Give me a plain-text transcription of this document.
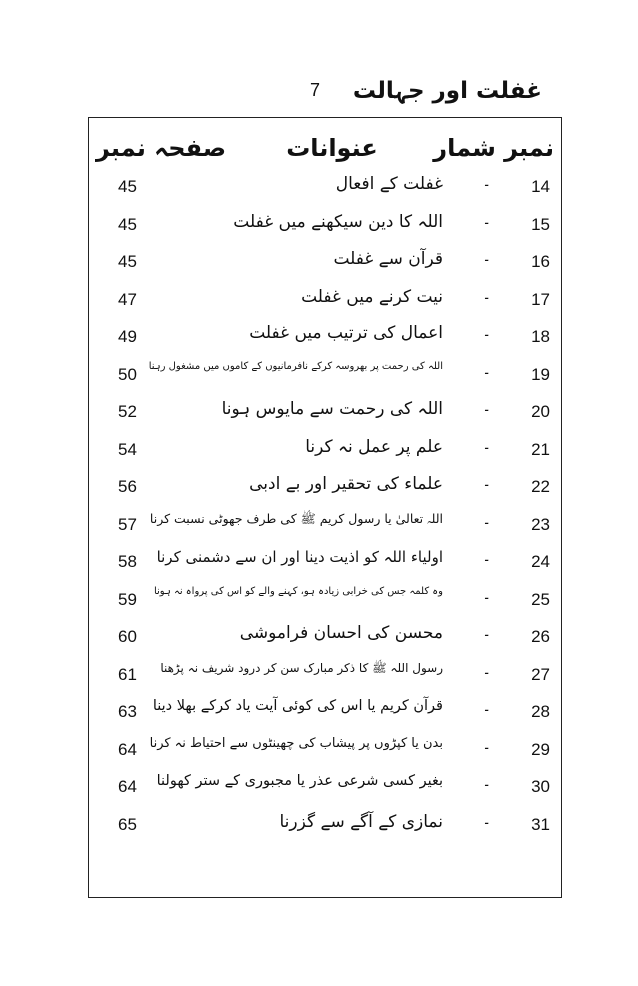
7	غفلت اور جہالت
نمبر شمار
عنوانات
صفحہ نمبر
14
۔
غفلت کے افعال
45
15
۔
اللہ کا دین سیکھنے میں غفلت
45
16
۔
قرآن سے غفلت
45
17
۔
نیت کرنے میں غفلت
47
18
۔
اعمال کی ترتیب میں غفلت
49
19
۔
اللہ کی رحمت پر بھروسہ کرکے نافرمانیوں کے کاموں میں مشغول رہنا
50
20
۔
اللہ کی رحمت سے مایوس ہونا
52
21
۔
علم پر عمل نہ کرنا
54
22
۔
علماء کی تحقیر اور بے ادبی
56
23
۔
اللہ تعالیٰ یا رسول کریم ﷺ کی طرف جھوٹی نسبت کرنا
57
24
۔
اولیاء اللہ کو اذیت دینا اور ان سے دشمنی کرنا
58
25
۔
وہ کلمہ جس کی خرابی زیادہ ہو، کہنے والے کو اس کی پرواہ نہ ہونا
59
26
۔
محسن کی احسان فراموشی
60
27
۔
رسول اللہ ﷺ کا ذکر مبارک سن کر درود شریف نہ پڑھنا
61
28
۔
قرآن کریم یا اس کی کوئی آیت یاد کرکے بھلا دینا
63
29
۔
بدن یا کپڑوں پر پیشاب کی چھینٹوں سے احتیاط نہ کرنا
64
30
۔
بغیر کسی شرعی عذر یا مجبوری کے ستر کھولنا
64
31
۔
نمازی کے آگے سے گزرنا
65
